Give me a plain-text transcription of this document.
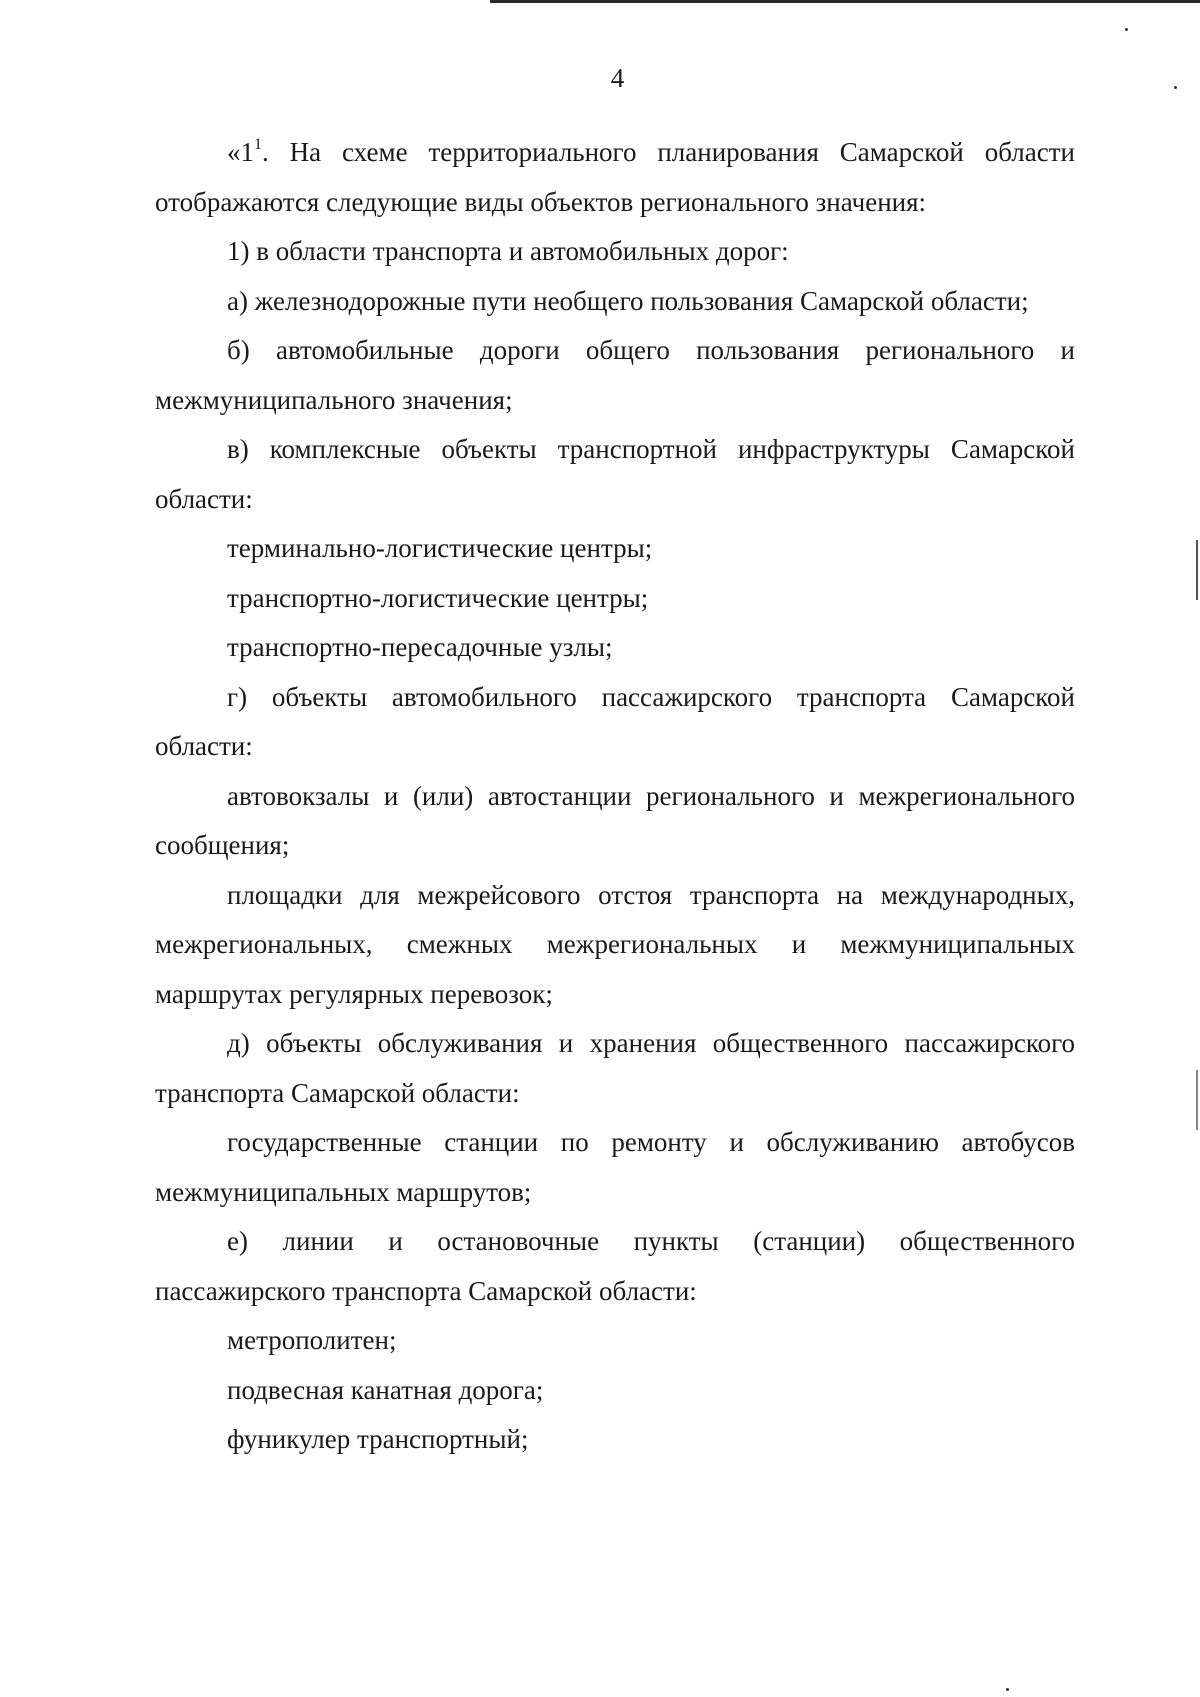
4

«$1^1$. На схеме территориального планирования Самарской области отображаются следующие виды объектов регионального значения:

1) в области транспорта и автомобильных дорог:

а) железнодорожные пути необщего пользования Самарской области;

б) автомобильные дороги общего пользования регионального и межмуниципального значения;

в) комплексные объекты транспортной инфраструктуры Самарской области:

терминально-логистические центры;

транспортно-логистические центры;

транспортно-пересадочные узлы;

г) объекты автомобильного пассажирского транспорта Самарской области:

автовокзалы и (или) автостанции регионального и межрегионального сообщения;

площадки для межрейсового отстоя транспорта на международных, межрегиональных, смежных межрегиональных и межмуниципальных маршрутах регулярных перевозок;

д) объекты обслуживания и хранения общественного пассажирского транспорта Самарской области:

государственные станции по ремонту и обслуживанию автобусов межмуниципальных маршрутов;

е) линии и остановочные пункты (станции) общественного пассажирского транспорта Самарской области:

метрополитен;

подвесная канатная дорога;

фуникулер транспортный;
